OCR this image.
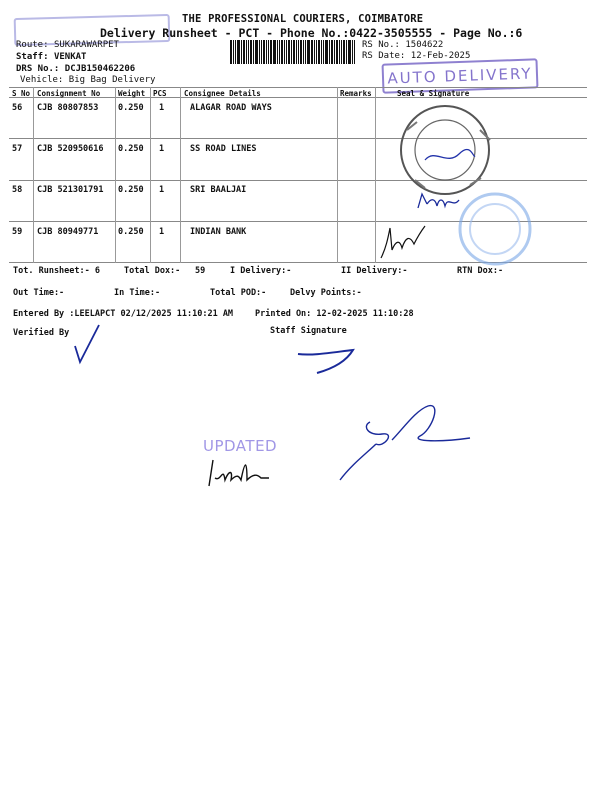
THE PROFESSIONAL COURIERS, COIMBATORE
Delivery Runsheet - PCT - Phone No.:0422-3505555 - Page No.:6
Route: SUKARAWARPET
Staff: VENKAT
DRS No.: DCJB150462206
Vehicle: Big Bag Delivery
RS No.: 1504622
RS Date: 12-Feb-2025
AUTO DELIVERY
S No Consignment No Weight PCS Consignee Details	Remarks	Seal & Signature
56 CJB 80807853 0.250 1	ALAGAR ROAD WAYS
57 CJB 520950616 0.250 1	SS ROAD LINES
58 CJB 521301791 0.250 1	SRI BAALJAI
59 CJB 80949771 0.250 1	INDIAN BANK
Tot. Runsheet:- 6	Total Dox:- 59	I Delivery:-	II Delivery:-	RTN Dox:-
Out Time:-	In Time:-	Total POD:-	Delvy Points:-
Entered By :LEELAPCT 02/12/2025 11:10:21 AM	Printed On: 12-02-2025 11:10:28
Verified By	Staff Signature
UPDATED
